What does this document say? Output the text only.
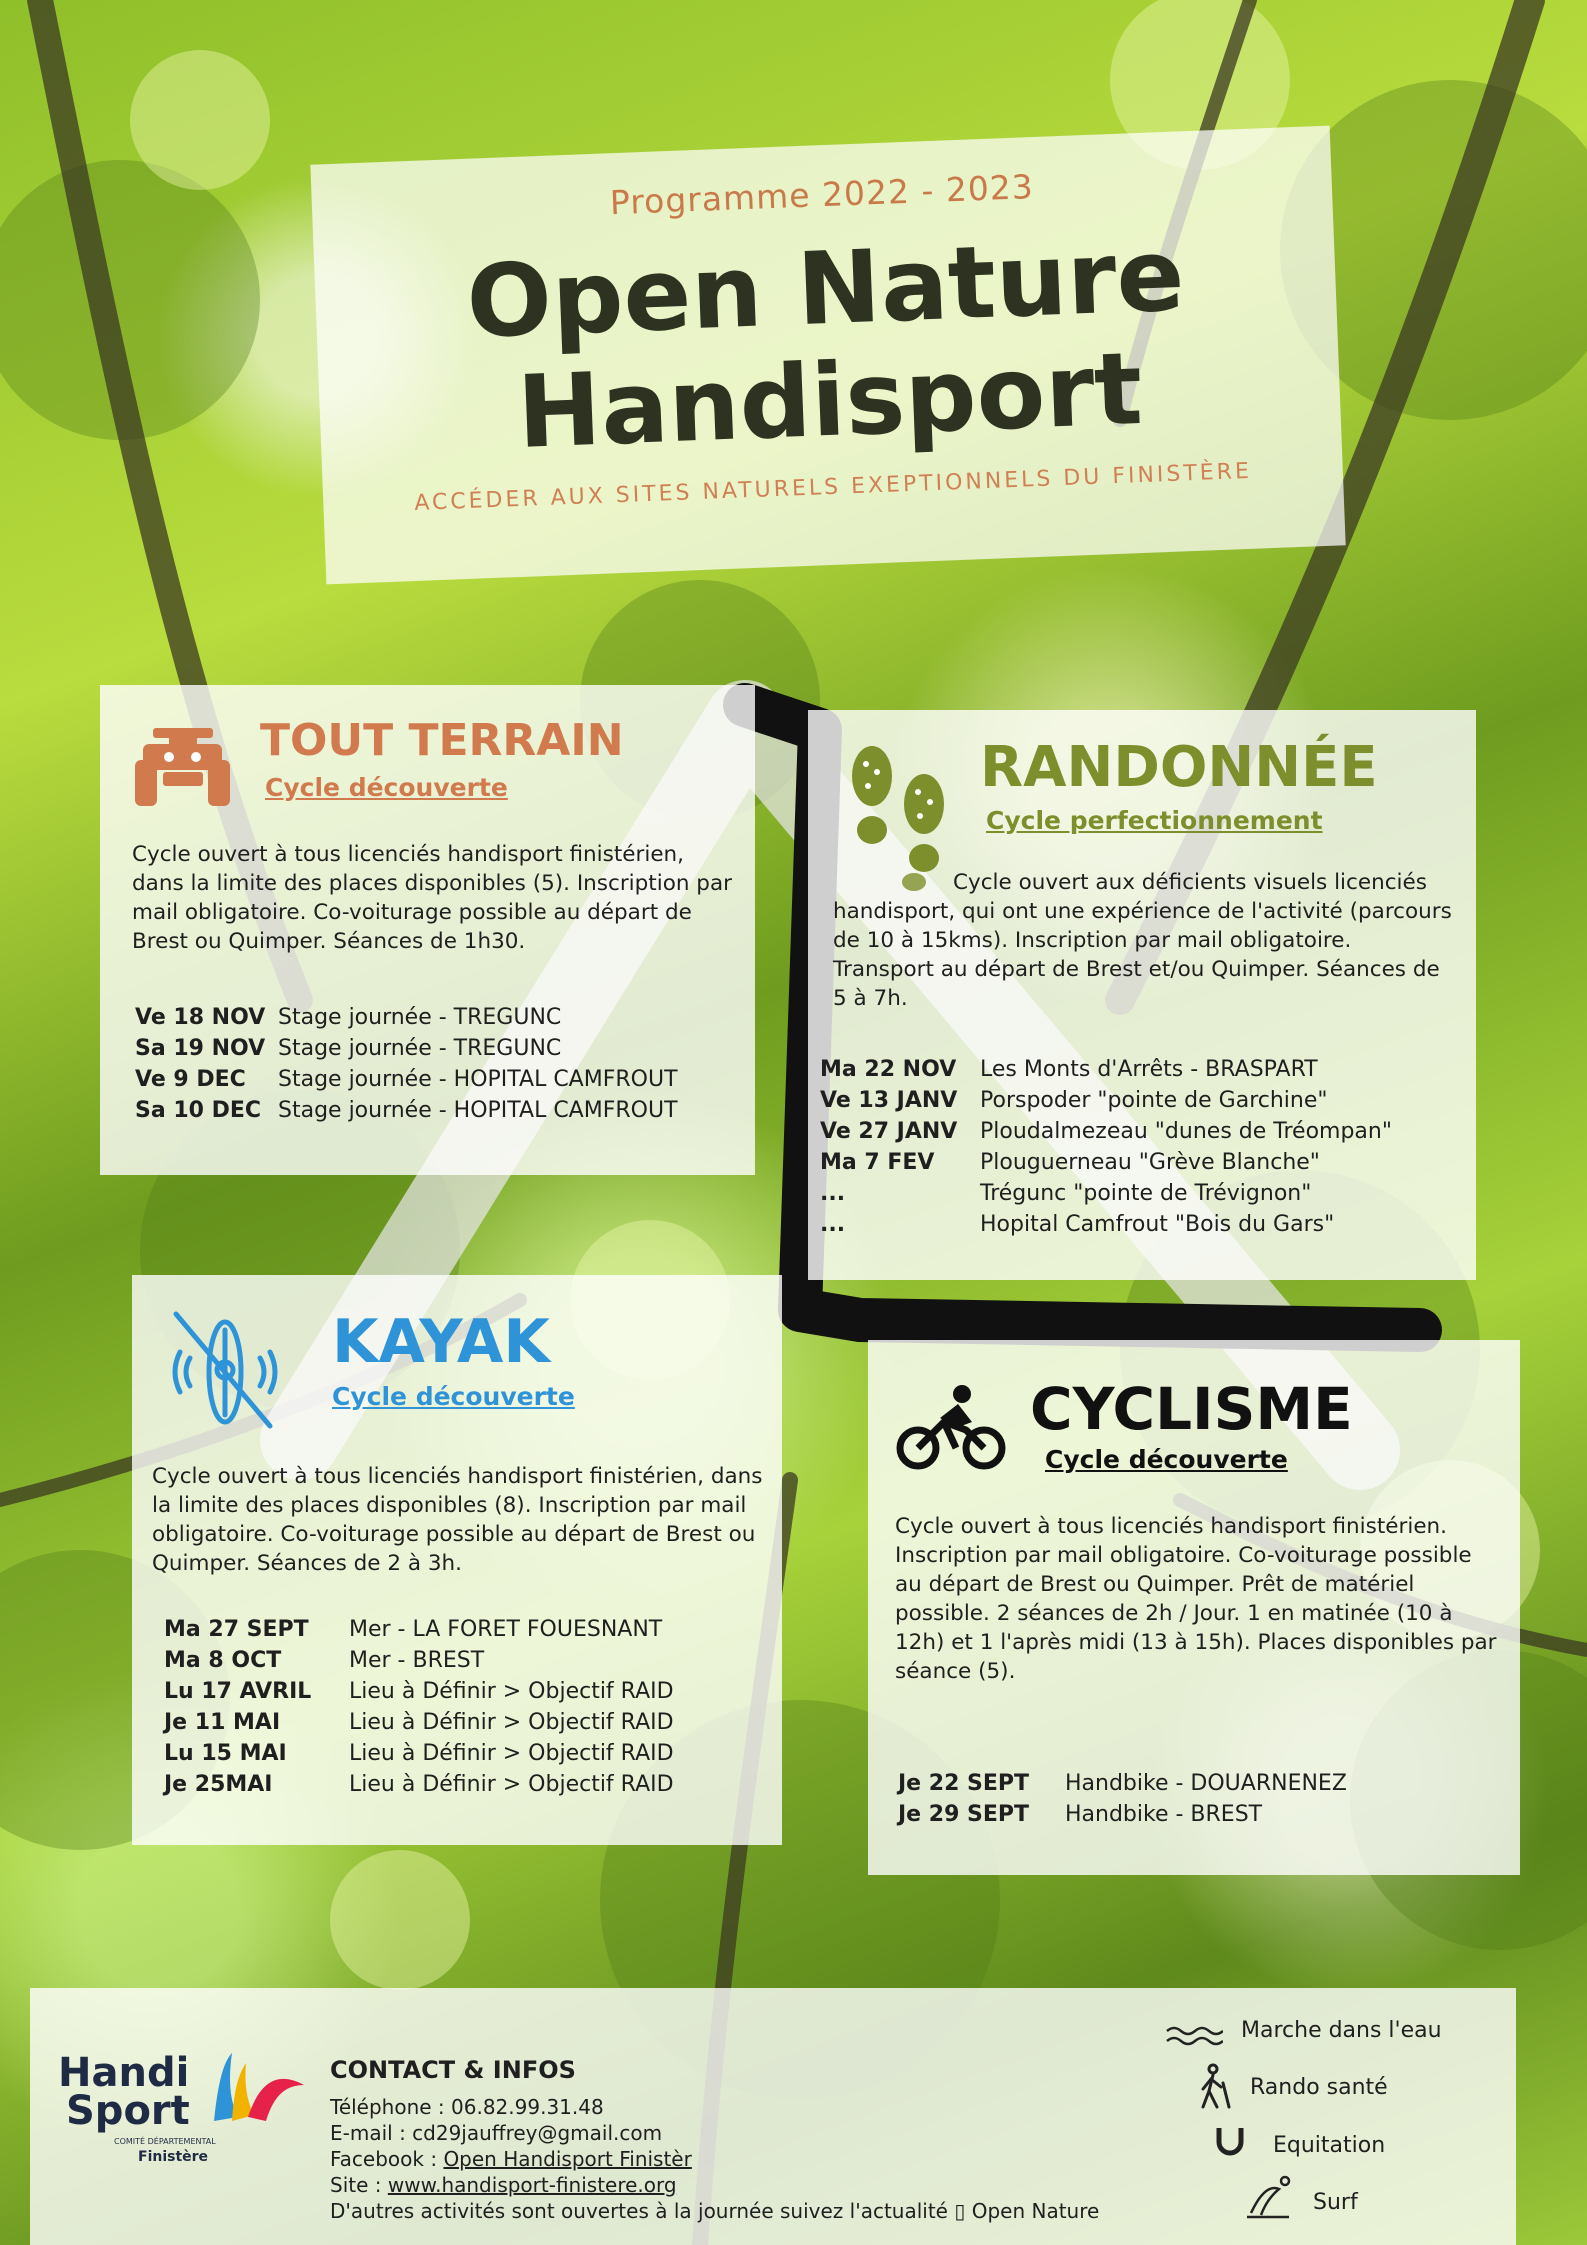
Programme 2022 - 2023
Open Nature
Handisport
ACCÉDER AUX SITES NATURELS EXEPTIONNELS DU FINISTÈRE
TOUT TERRAIN
Cycle découverte
Cycle ouvert à tous licenciés handisport finistérien, dans la limite des places disponibles (5). Inscription par mail obligatoire. Co-voiturage possible au départ de Brest ou Quimper. Séances de 1h30.
Ve 18 NOV	Stage journée - TREGUNC
Sa 19 NOV	Stage journée - TREGUNC
Ve 9 DEC	Stage journée - HOPITAL CAMFROUT
Sa 10 DEC	Stage journée - HOPITAL CAMFROUT
RANDONNÉE
Cycle perfectionnement
Cycle ouvert aux déficients visuels licenciés handisport, qui ont une expérience de l'activité (parcours de 10 à 15kms). Inscription par mail obligatoire. Transport au départ de Brest et/ou Quimper. Séances de 5 à 7h.
Ma 22 NOV	Les Monts d'Arrêts - BRASPART
Ve 13 JANV	Porspoder "pointe de Garchine"
Ve 27 JANV	Ploudalmezeau "dunes de Tréompan"
Ma 7 FEV	Plouguerneau "Grève Blanche"
...	Trégunc "pointe de Trévignon"
...	Hopital Camfrout "Bois du Gars"
KAYAK
Cycle découverte
Cycle ouvert à tous licenciés handisport finistérien, dans la limite des places disponibles (8). Inscription par mail obligatoire. Co-voiturage possible au départ de Brest ou Quimper. Séances de 2 à 3h.
Ma 27 SEPT	Mer - LA FORET FOUESNANT
Ma 8 OCT	Mer - BREST
Lu 17 AVRIL	Lieu à Définir > Objectif RAID
Je 11 MAI	Lieu à Définir > Objectif RAID
Lu 15 MAI	Lieu à Définir > Objectif RAID
Je 25MAI	Lieu à Définir > Objectif RAID
CYCLISME
Cycle découverte
Cycle ouvert à tous licenciés handisport finistérien. Inscription par mail obligatoire. Co-voiturage possible au départ de Brest ou Quimper. Prêt de matériel possible. 2 séances de 2h / Jour. 1 en matinée (10 à 12h) et 1 l'après midi (13 à 15h). Places disponibles par séance (5).
Je 22 SEPT	Handbike - DOUARNENEZ
Je 29 SEPT	Handbike - BREST
Handi
Sport
COMITÉ DÉPARTEMENTAL
Finistère
CONTACT & INFOS
Téléphone : 06.82.99.31.48
E-mail : cd29jauffrey@gmail.com
Facebook : Open Handisport Finistèr
Site : www.handisport-finistere.org
D'autres activités sont ouvertes à la journée suivez l'actualité ▯ Open Nature
Marche dans l'eau
Rando santé
Equitation
Surf
